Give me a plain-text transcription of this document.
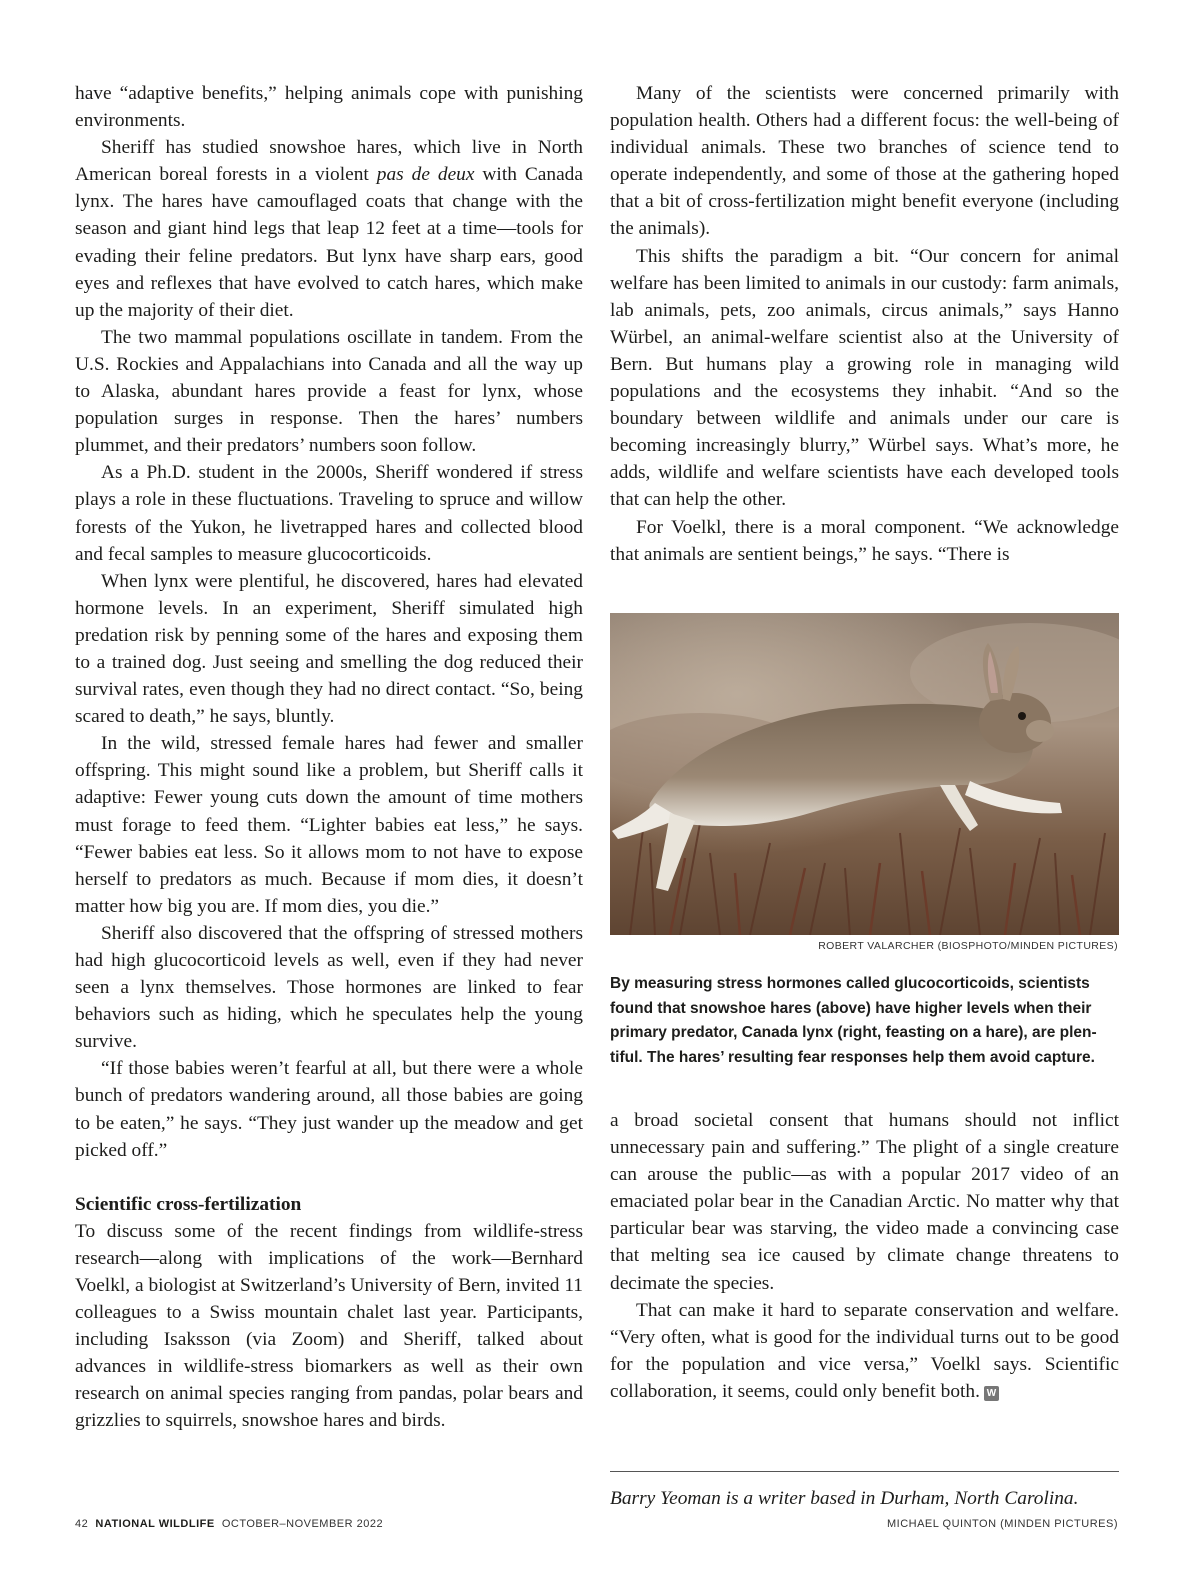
have “adaptive benefits,” helping animals cope with punishing environments.

Sheriff has studied snowshoe hares, which live in North American boreal forests in a violent pas de deux with Canada lynx. The hares have camouflaged coats that change with the season and giant hind legs that leap 12 feet at a time—tools for evading their feline predators. But lynx have sharp ears, good eyes and reflexes that have evolved to catch hares, which make up the majority of their diet.

The two mammal populations oscillate in tandem. From the U.S. Rockies and Appalachians into Canada and all the way up to Alaska, abundant hares provide a feast for lynx, whose population surges in response. Then the hares’ numbers plummet, and their predators’ numbers soon follow.

As a Ph.D. student in the 2000s, Sheriff wondered if stress plays a role in these fluctuations. Traveling to spruce and willow forests of the Yukon, he livetrapped hares and collected blood and fecal samples to measure glucocorticoids.

When lynx were plentiful, he discovered, hares had elevated hormone levels. In an experiment, Sheriff simulated high predation risk by penning some of the hares and exposing them to a trained dog. Just seeing and smelling the dog reduced their survival rates, even though they had no direct contact. “So, being scared to death,” he says, bluntly.

In the wild, stressed female hares had fewer and smaller offspring. This might sound like a problem, but Sheriff calls it adaptive: Fewer young cuts down the amount of time mothers must forage to feed them. “Lighter babies eat less,” he says. “Fewer babies eat less. So it allows mom to not have to expose herself to predators as much. Because if mom dies, it doesn’t matter how big you are. If mom dies, you die.”

Sheriff also discovered that the offspring of stressed mothers had high glucocorticoid levels as well, even if they had never seen a lynx themselves. Those hormones are linked to fear behaviors such as hiding, which he speculates help the young survive.

“If those babies weren’t fearful at all, but there were a whole bunch of predators wandering around, all those babies are going to be eaten,” he says. “They just wander up the meadow and get picked off.”

Scientific cross-fertilization

To discuss some of the recent findings from wildlife-stress research—along with implications of the work—Bernhard Voelkl, a biologist at Switzerland’s University of Bern, invited 11 colleagues to a Swiss mountain chalet last year. Participants, including Isaksson (via Zoom) and Sheriff, talked about advances in wildlife-stress biomarkers as well as their own research on animal species ranging from pandas, polar bears and grizzlies to squirrels, snowshoe hares and birds.

Many of the scientists were concerned primarily with population health. Others had a different focus: the well-being of individual animals. These two branches of science tend to operate independently, and some of those at the gathering hoped that a bit of cross-fertilization might benefit everyone (including the animals).

This shifts the paradigm a bit. “Our concern for animal welfare has been limited to animals in our custody: farm animals, lab animals, pets, zoo animals, circus animals,” says Hanno Würbel, an animal-welfare scientist also at the University of Bern. But humans play a growing role in managing wild populations and the ecosystems they inhabit. “And so the boundary between wildlife and animals under our care is becoming increasingly blurry,” Würbel says. What’s more, he adds, wildlife and welfare scientists have each developed tools that can help the other.

For Voelkl, there is a moral component. “We acknowledge that animals are sentient beings,” he says. “There is

ROBERT VALARCHER (BIOSPHOTO/MINDEN PICTURES)
By measuring stress hormones called glucocorticoids, scientists found that snowshoe hares (above) have higher levels when their primary predator, Canada lynx (right, feasting on a hare), are plentiful. The hares’ resulting fear responses help them avoid capture.

a broad societal consent that humans should not inflict unnecessary pain and suffering.” The plight of a single creature can arouse the public—as with a popular 2017 video of an emaciated polar bear in the Canadian Arctic. No matter why that particular bear was starving, the video made a convincing case that melting sea ice caused by climate change threatens to decimate the species.

That can make it hard to separate conservation and welfare. “Very often, what is good for the individual turns out to be good for the population and vice versa,” Voelkl says. Scientific collaboration, it seems, could only benefit both. W

Barry Yeoman is a writer based in Durham, North Carolina.
42 NATIONAL WILDLIFE OCTOBER–NOVEMBER 2022	MICHAEL QUINTON (MINDEN PICTURES)
